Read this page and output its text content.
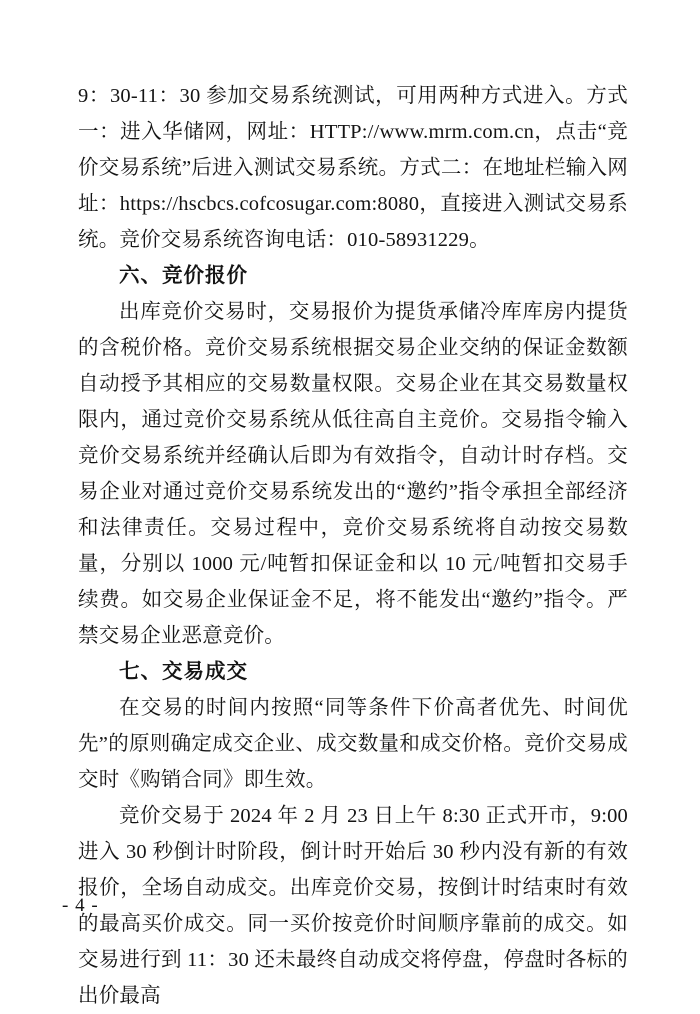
9：30-11：30 参加交易系统测试，可用两种方式进入。方式一：进入华储网，网址：HTTP://www.mrm.com.cn，点击“竞价交易系统”后进入测试交易系统。方式二：在地址栏输入网址：https://hscbcs.cofcosugar.com:8080，直接进入测试交易系统。竞价交易系统咨询电话：010-58931229。

六、竞价报价

出库竞价交易时，交易报价为提货承储冷库库房内提货的含税价格。竞价交易系统根据交易企业交纳的保证金数额自动授予其相应的交易数量权限。交易企业在其交易数量权限内，通过竞价交易系统从低往高自主竞价。交易指令输入竞价交易系统并经确认后即为有效指令，自动计时存档。交易企业对通过竞价交易系统发出的“邀约”指令承担全部经济和法律责任。交易过程中，竞价交易系统将自动按交易数量，分别以 1000 元/吨暂扣保证金和以 10 元/吨暂扣交易手续费。如交易企业保证金不足，将不能发出“邀约”指令。严禁交易企业恶意竞价。

七、交易成交

在交易的时间内按照“同等条件下价高者优先、时间优先”的原则确定成交企业、成交数量和成交价格。竞价交易成交时《购销合同》即生效。

竞价交易于 2024 年 2 月 23 日上午 8:30 正式开市，9:00 进入 30 秒倒计时阶段，倒计时开始后 30 秒内没有新的有效报价，全场自动成交。出库竞价交易，按倒计时结束时有效的最高买价成交。同一买价按竞价时间顺序靠前的成交。如交易进行到 11：30 还未最终自动成交将停盘，停盘时各标的出价最高

- 4 -
